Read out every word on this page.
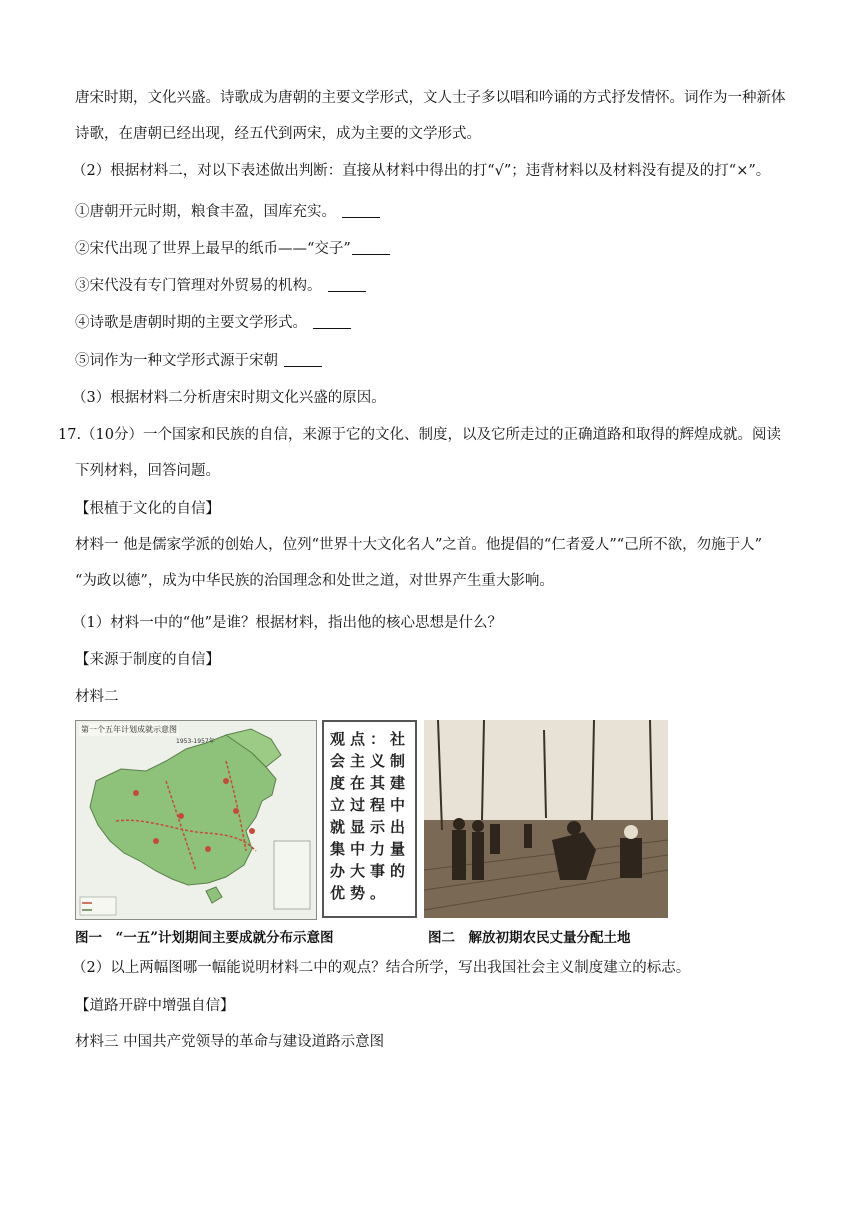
唐宋时期，文化兴盛。诗歌成为唐朝的主要文学形式，文人士子多以唱和吟诵的方式抒发情怀。词作为一种新体
诗歌，在唐朝已经出现，经五代到两宋，成为主要的文学形式。
（2）根据材料二，对以下表述做出判断：直接从材料中得出的打“√”；违背材料以及材料没有提及的打“×”。
①唐朝开元时期，粮食丰盈，国库充实。
②宋代出现了世界上最早的纸币——“交子”
③宋代没有专门管理对外贸易的机构。
④诗歌是唐朝时期的主要文学形式。
⑤词作为一种文学形式源于宋朝
（3）根据材料二分析唐宋时期文化兴盛的原因。
17.（10分）一个国家和民族的自信，来源于它的文化、制度，以及它所走过的正确道路和取得的辉煌成就。阅读
下列材料，回答问题。
【根植于文化的自信】
材料一 他是儒家学派的创始人，位列“世界十大文化名人”之首。他提倡的“仁者爱人”“己所不欲，勿施于人”
“为政以德”，成为中华民族的治国理念和处世之道，对世界产生重大影响。
（1）材料一中的“他”是谁？根据材料，指出他的核心思想是什么？
【来源于制度的自信】
材料二
第一个五年计划成就示意图
1953-1957年	观点：社会主义制度在其建立过程中就显示出集中力量办大事的优势。
图一　“一五”计划期间主要成就分布示意图	图二　解放初期农民丈量分配土地
（2）以上两幅图哪一幅能说明材料二中的观点？结合所学，写出我国社会主义制度建立的标志。
【道路开辟中增强自信】
材料三 中国共产党领导的革命与建设道路示意图
